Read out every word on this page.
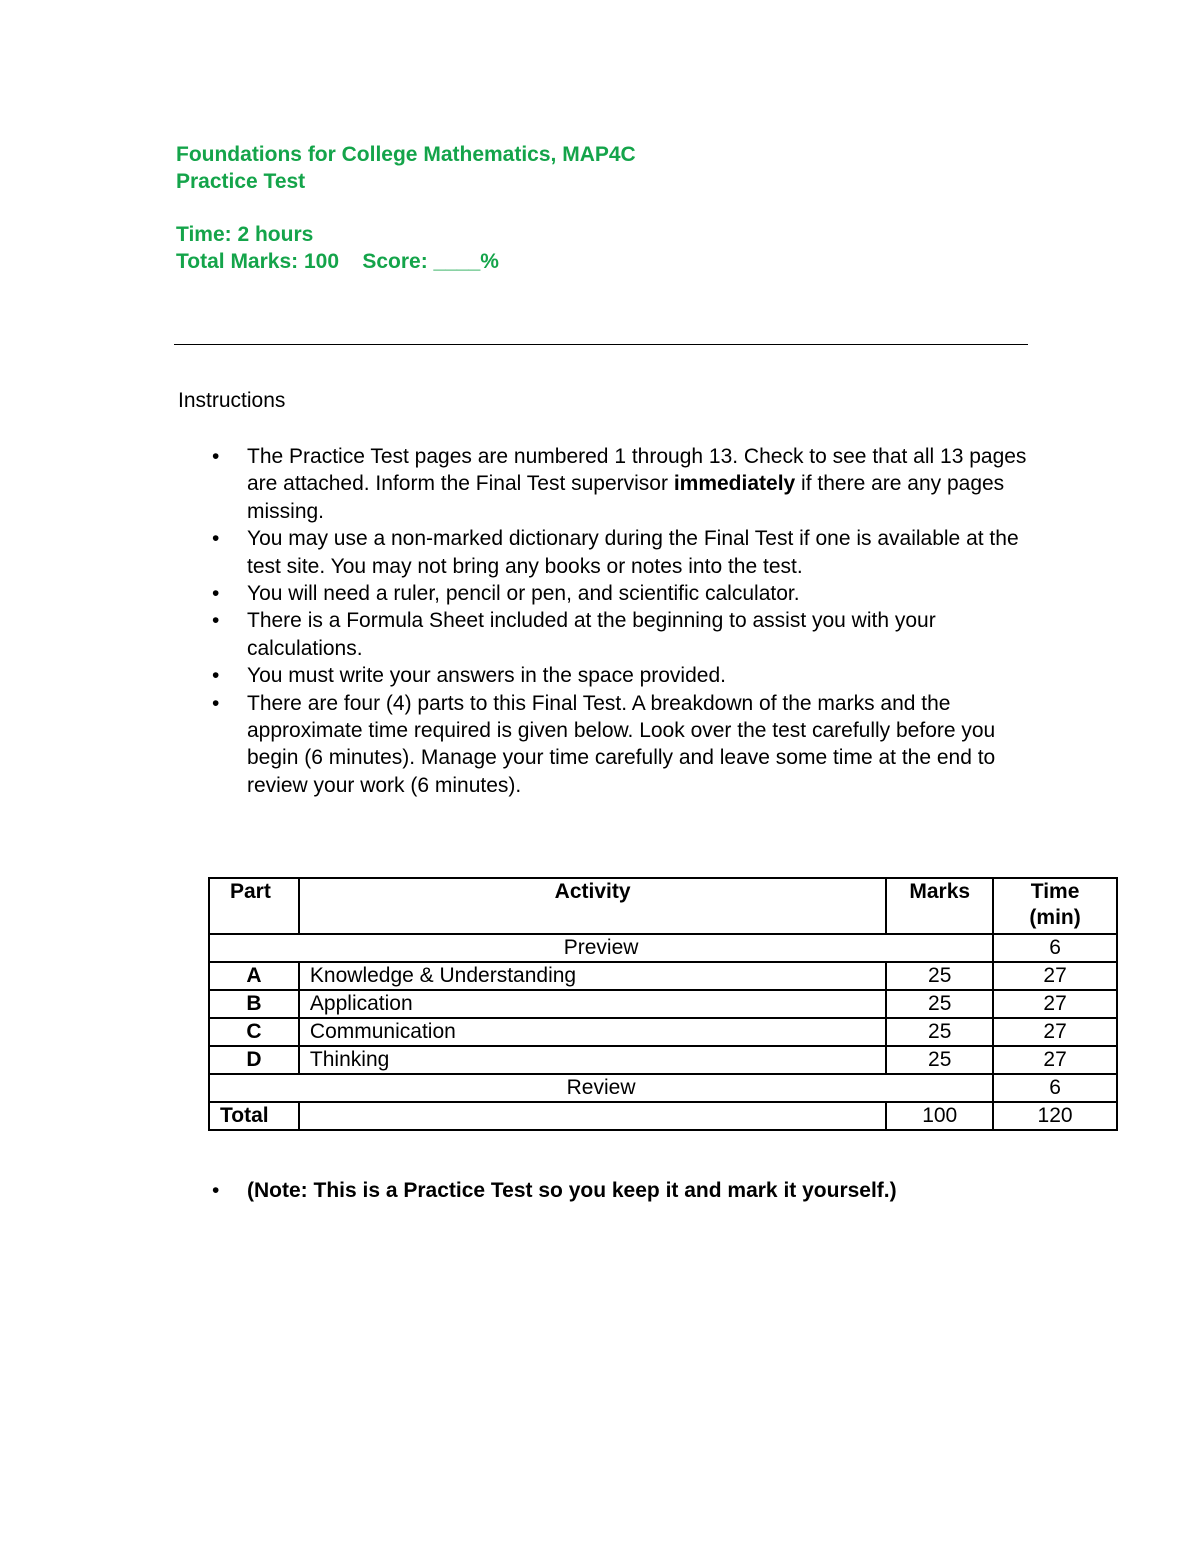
Foundations for College Mathematics, MAP4C
Practice Test
Time: 2 hours
Total Marks: 100 Score: ____%
Instructions
• The Practice Test pages are numbered 1 through 13. Check to see that all 13 pages are attached. Inform the Final Test supervisor immediately if there are any pages missing.
• You may use a non-marked dictionary during the Final Test if one is available at the test site. You may not bring any books or notes into the test.
• You will need a ruler, pencil or pen, and scientific calculator.
• There is a Formula Sheet included at the beginning to assist you with your calculations.
• You must write your answers in the space provided.
• There are four (4) parts to this Final Test. A breakdown of the marks and the approximate time required is given below. Look over the test carefully before you begin (6 minutes). Manage your time carefully and leave some time at the end to review your work (6 minutes).
Part	Activity	Marks	Time (min)
Preview			6
A	Knowledge & Understanding	25	27
B	Application	25	27
C	Communication	25	27
D	Thinking	25	27
Review			6
Total		100	120
• (Note: This is a Practice Test so you keep it and mark it yourself.)
